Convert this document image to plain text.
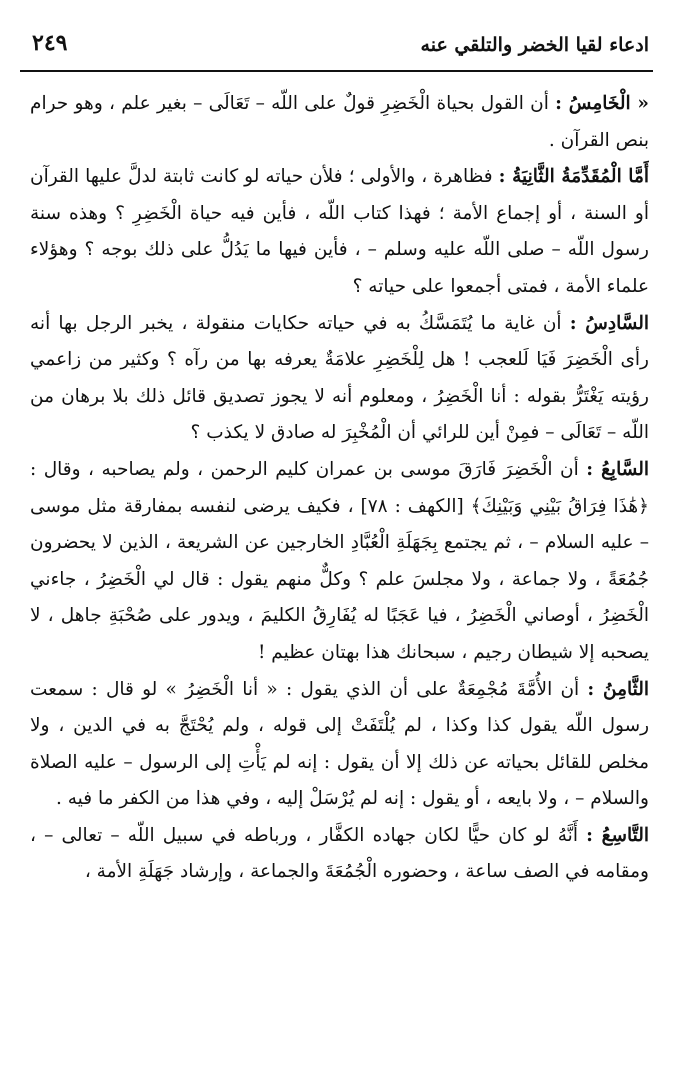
ادعاء لقيا الخضر والتلقي عنه
٢٤٩

« الْخَامِسُ : أن القول بحياة الْخَضِرِ قولٌ على اللّه – تَعَالَى – بغير علم ، وهو حرام بنص القرآن .

أَمَّا الْمُقَدِّمَةُ الثَّانِيَةُ : فظاهرة ، والأولى ؛ فلأن حياته لو كانت ثابتة لدلَّ عليها القرآن أو السنة ، أو إجماع الأمة ؛ فهذا كتاب اللّه ، فأين فيه حياة الْخَضِرِ ؟ وهذه سنة رسول اللّه – صلى اللّه عليه وسلم – ، فأين فيها ما يَدُلُّ على ذلك بوجه ؟ وهؤلاء علماء الأمة ، فمتى أجمعوا على حياته ؟

السَّادِسُ : أن غاية ما يُتَمَسَّكُ به في حياته حكايات منقولة ، يخبر الرجل بها أنه رأى الْخَضِرَ فَيَا لَلعجب ! هل لِلْخَضِرِ علامَةٌ يعرفه بها من رآه ؟ وكثير من زاعمي رؤيته يَغْتَرُّ بقوله : أنا الْخَضِرُ ، ومعلوم أنه لا يجوز تصديق قائل ذلك بلا برهان من اللّه – تَعَالَى – فمِنْ أين للرائي أن الْمُخْبِرَ له صادق لا يكذب ؟

السَّابِعُ : أن الْخَضِرَ فَارَقَ موسى بن عمران كليم الرحمن ، ولم يصاحبه ، وقال : ﴿هَٰذَا فِرَاقُ بَيْنِي وَبَيْنِكَ﴾ [الكهف : ٧٨] ، فكيف يرضى لنفسه بمفارقة مثل موسى – عليه السلام – ، ثم يجتمع بِجَهَلَةِ الْعُبَّادِ الخارجين عن الشريعة ، الذين لا يحضرون جُمُعَةً ، ولا جماعة ، ولا مجلسَ علم ؟ وكلٌّ منهم يقول : قال لي الْخَضِرُ ، جاءني الْخَضِرُ ، أوصاني الْخَضِرُ ، فيا عَجَبًا له يُفَارِقُ الكليمَ ، ويدور على صُحْبَةِ جاهل ، لا يصحبه إلا شيطان رجيم ، سبحانك هذا بهتان عظيم !

الثَّامِنُ : أن الأُمَّةَ مُجْمِعَةٌ على أن الذي يقول : « أنا الْخَضِرُ » لو قال : سمعت رسول اللّه يقول كذا وكذا ، لم يُلْتَفَتْ إلى قوله ، ولم يُحْتَجَّ به في الدين ، ولا مخلص للقائل بحياته عن ذلك إلا أن يقول : إنه لم يَأْتِ إلى الرسول – عليه الصلاة والسلام – ، ولا بايعه ، أو يقول : إنه لم يُرْسَلْ إليه ، وفي هذا من الكفر ما فيه .

التَّاسِعُ : أَنَّهُ لو كان حيًّا لكان جهاده الكفَّار ، ورباطه في سبيل اللّه – تعالى – ، ومقامه في الصف ساعة ، وحضوره الْجُمُعَةَ والجماعة ، وإرشاد جَهَلَةِ الأمة ،
